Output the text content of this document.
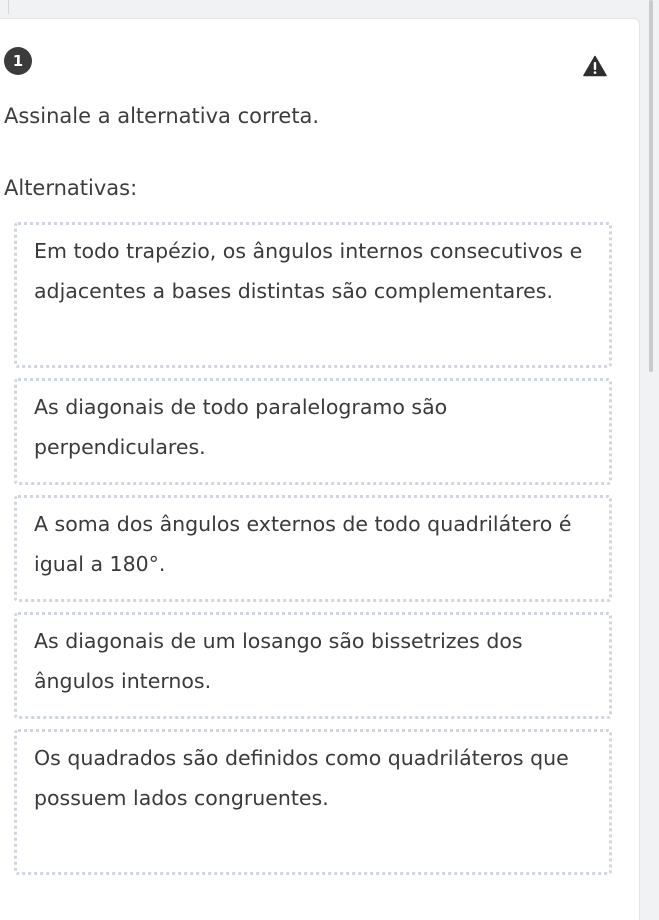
1
Assinale a alternativa correta.
Alternativas:
Em todo trapézio, os ângulos internos consecutivos e adjacentes a bases distintas são complementares.
As diagonais de todo paralelogramo são perpendiculares.
A soma dos ângulos externos de todo quadrilátero é igual a 180°.
As diagonais de um losango são bissetrizes dos ângulos internos.
Os quadrados são definidos como quadriláteros que possuem lados congruentes.
